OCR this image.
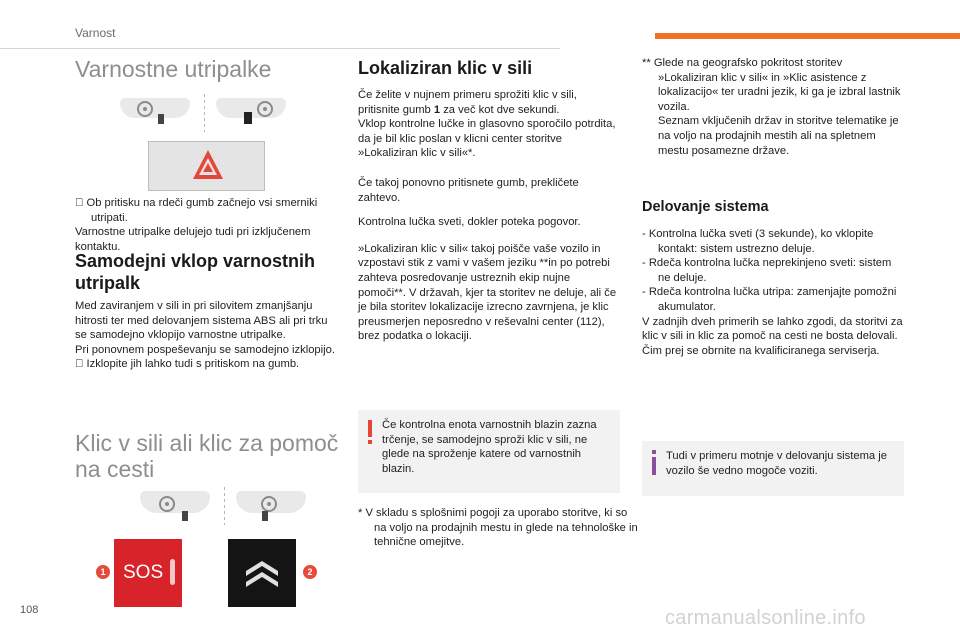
Varnost
Varnostne utripalke

Ob pritisku na rdeči gumb začnejo vsi smerniki utripati.

Varnostne utripalke delujejo tudi pri izključenem kontaktu.

Samodejni vklop varnostnih utripalk

Med zaviranjem v sili in pri silovitem zmanjšanju hitrosti ter med delovanjem sistema ABS ali pri trku se samodejno vklopijo varnostne utripalke.

Pri ponovnem pospeševanju se samodejno izklopijo.

Izklopite jih lahko tudi s pritiskom na gumb.

Klic v sili ali klic za pomoč na cesti
1 SOS	2
Lokaliziran klic v sili

Če želite v nujnem primeru sprožiti klic v sili, pritisnite gumb 1 za več kot dve sekundi.

Vklop kontrolne lučke in glasovno sporočilo potrdita, da je bil klic poslan v klicni center storitve »Lokaliziran klic v sili«*.

Če takoj ponovno pritisnete gumb, prekličete zahtevo.

Kontrolna lučka sveti, dokler poteka pogovor.

»Lokaliziran klic v sili« takoj poišče vaše vozilo in vzpostavi stik z vami v vašem jeziku **in po potrebi zahteva posredovanje ustreznih ekip nujne pomoči**. V državah, kjer ta storitev ne deluje, ali če je bila storitev lokalizacije izrecno zavrnjena, je klic preusmerjen neposredno v reševalni center (112), brez podatka o lokaciji.

Če kontrolna enota varnostnih blazin zazna trčenje, se samodejno sproži klic v sili, ne glede na sproženje katere od varnostnih blazin.

* V skladu s splošnimi pogoji za uporabo storitve, ki so na voljo na prodajnih mestu in glede na tehnološke in tehnične omejitve.

** Glede na geografsko pokritost storitev »Lokaliziran klic v sili« in »Klic asistence z lokalizacijo« ter uradni jezik, ki ga je izbral lastnik vozila.

Seznam vključenih držav in storitve telematike je na voljo na prodajnih mestih ali na spletnem mestu posamezne države.

Delovanje sistema

- Kontrolna lučka sveti (3 sekunde), ko vklopite kontakt: sistem ustrezno deluje.

- Rdeča kontrolna lučka neprekinjeno sveti: sistem ne deluje.

- Rdeča kontrolna lučka utripa: zamenjajte pomožni akumulator.

V zadnjih dveh primerih se lahko zgodi, da storitvi za klic v sili in klic za pomoč na cesti ne bosta delovali.

Čim prej se obrnite na kvalificiranega serviserja.

Tudi v primeru motnje v delovanju sistema je vozilo še vedno mogoče voziti.

108	carmanualsonline.info
